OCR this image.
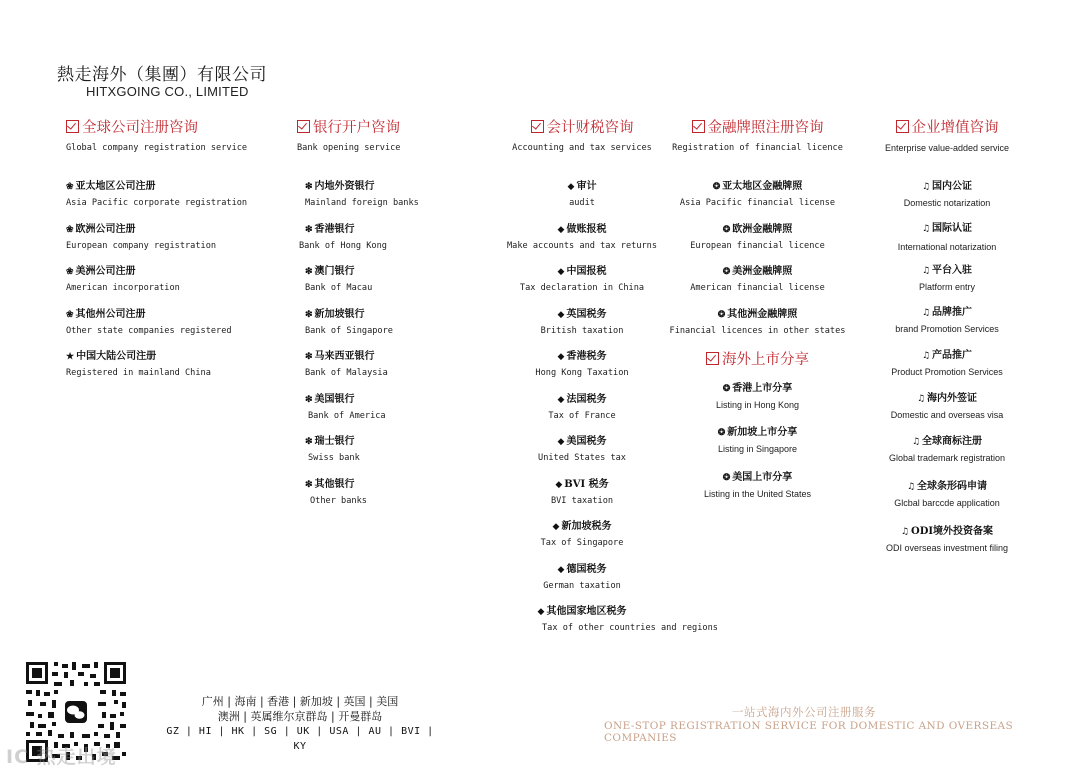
熱走海外（集團）有限公司
HITXGOING CO., LIMITED
全球公司注册咨询
Global company registration service
❀ 亚太地区公司注册
Asia Pacific corporate registration
❀ 欧洲公司注册
European company registration
❀ 美洲公司注册
American incorporation
❀ 其他州公司注册
Other state companies registered
★ 中国大陆公司注册
Registered in mainland China
银行开户咨询
Bank opening service
❇ 内地外资银行
Mainland foreign banks
❇ 香港银行
Bank of Hong Kong
❇ 澳门银行
Bank of Macau
❇ 新加坡银行
Bank of Singapore
❇ 马来西亚银行
Bank of Malaysia
❇ 美国银行
Bank of America
❇ 瑞士银行
Swiss bank
❇ 其他银行
Other banks
会计财税咨询
Accounting and tax services
◆ 审计
audit
◆ 做账报税
Make accounts and tax returns
◆ 中国报税
Tax declaration in China
◆ 英国税务
British taxation
◆ 香港税务
Hong Kong Taxation
◆ 法国税务
Tax of France
◆ 美国税务
United States tax
◆ BVI 税务
BVI taxation
◆ 新加坡税务
Tax of Singapore
◆ 德国税务
German taxation
◆ 其他国家地区税务
Tax of other countries and regions
金融牌照注册咨询
Registration of financial licence
❂ 亚太地区金融牌照
Asia Pacific financial license
❂ 欧洲金融牌照
European financial licence
❂ 美洲金融牌照
American financial license
❂ 其他洲金融牌照
Financial licences in other states
海外上市分享
❂ 香港上市分享
Listing in Hong Kong
❂ 新加坡上市分享
Listing in Singapore
❂ 美国上市分享
Listing in the United States
企业增值咨询
Enterprise value-added service
♫ 国内公证
Domestic notarization
♫ 国际认证
International notarization
♫ 平台入驻
Platform entry
♫ 品牌推广
brand Promotion Services
♫ 产品推广
Product Promotion Services
♫ 海内外签证
Domestic and overseas visa
♫ 全球商标注册
Global trademark registration
♫ 全球条形码申请
Glcbal barccde application
♫ ODI境外投资备案
ODI overseas investment filing
广州 | 海南 | 香港 | 新加坡 | 英国 | 美国
澳洲 | 英属维尔京群岛 | 开曼群岛
GZ | HI | HK | SG | UK | USA | AU | BVI | KY
一站式海内外公司注册服务
ONE-STOP REGISTRATION SERVICE FOR DOMESTIC AND OVERSEAS COMPANIES
IC 热走出境
